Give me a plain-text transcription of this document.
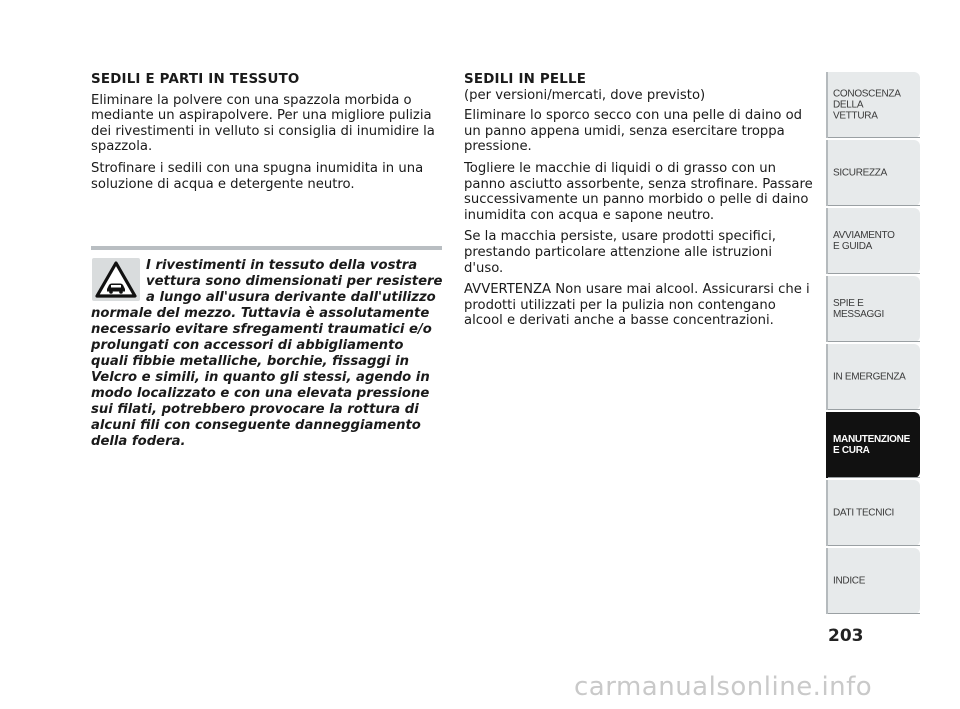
SEDILI E PARTI IN TESSUTO

Eliminare la polvere con una spazzola morbida o mediante un aspirapolvere. Per una migliore pulizia dei rivestimenti in velluto si consiglia di inumidire la spazzola.

Strofinare i sedili con una spugna inumidita in una soluzione di acqua e detergente neutro.

I rivestimenti in tessuto della vostra vettura sono dimensionati per resistere a lungo all'usura derivante dall'utilizzo normale del mezzo. Tuttavia è assolutamente necessario evitare sfregamenti traumatici e/o prolungati con accessori di abbigliamento quali fibbie metalliche, borchie, fissaggi in Velcro e simili, in quanto gli stessi, agendo in modo localizzato e con una elevata pressione sui filati, potrebbero provocare la rottura di alcuni fili con conseguente danneggiamento della fodera.
SEDILI IN PELLE
(per versioni/mercati, dove previsto)

Eliminare lo sporco secco con una pelle di daino od un panno appena umidi, senza esercitare troppa pressione.

Togliere le macchie di liquidi o di grasso con un panno asciutto assorbente, senza strofinare. Passare successivamente un panno morbido o pelle di daino inumidita con acqua e sapone neutro.

Se la macchia persiste, usare prodotti specifici, prestando particolare attenzione alle istruzioni d'uso.

AVVERTENZA Non usare mai alcool. Assicurarsi che i prodotti utilizzati per la pulizia non contengano alcool e derivati anche a basse concentrazioni.

CONOSCENZA
DELLA
VETTURA
SICUREZZA
AVVIAMENTO
E GUIDA
SPIE E
MESSAGGI
IN EMERGENZA
MANUTENZIONE
E CURA
DATI TECNICI
INDICE
203
carmanualsonline.info
